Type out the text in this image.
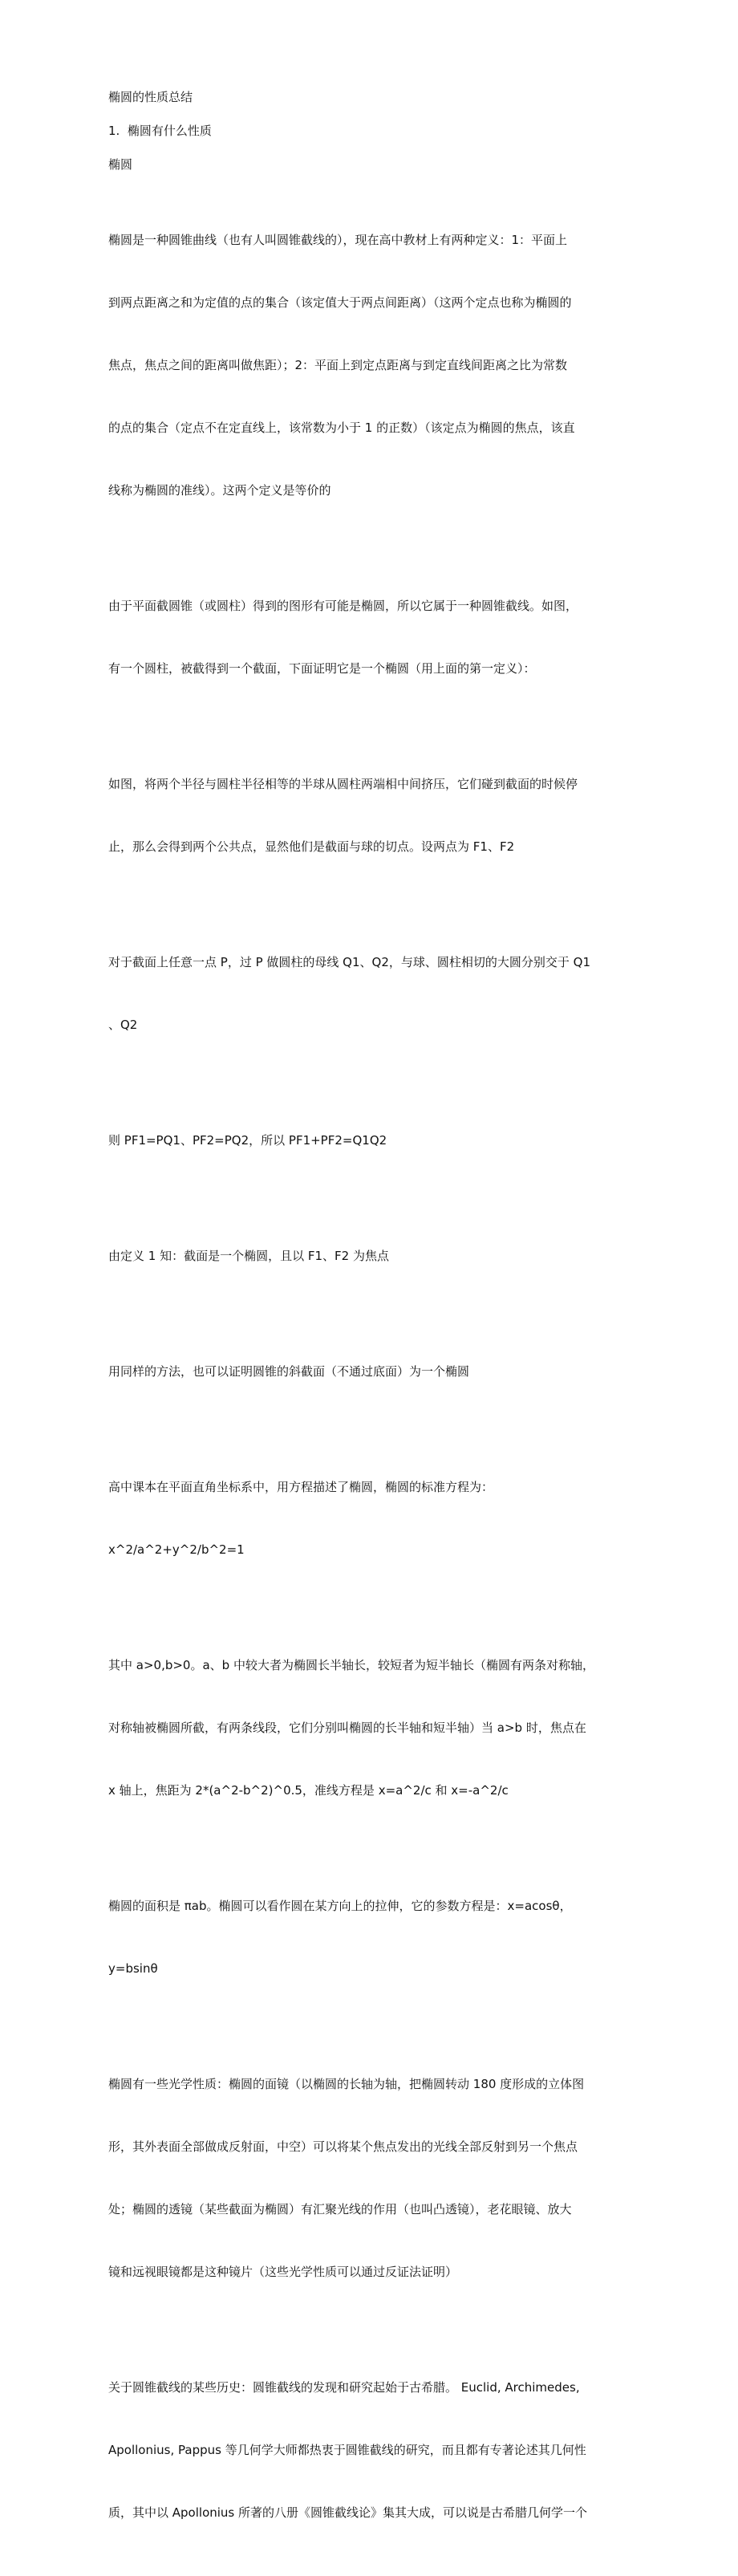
椭圆的性质总结

1.  椭圆有什么性质

椭圆

椭圆是一种圆锥曲线（也有人叫圆锥截线的），现在高中教材上有两种定义：1：平面上

到两点距离之和为定值的点的集合（该定值大于两点间距离）（这两个定点也称为椭圆的

焦点，焦点之间的距离叫做焦距）；2：平面上到定点距离与到定直线间距离之比为常数

的点的集合（定点不在定直线上，该常数为小于 1 的正数）（该定点为椭圆的焦点，该直

线称为椭圆的准线）。这两个定义是等价的

由于平面截圆锥（或圆柱）得到的图形有可能是椭圆，所以它属于一种圆锥截线。如图，

有一个圆柱，被截得到一个截面，下面证明它是一个椭圆（用上面的第一定义）：

如图，将两个半径与圆柱半径相等的半球从圆柱两端相中间挤压，它们碰到截面的时候停

止，那么会得到两个公共点，显然他们是截面与球的切点。设两点为 F1、F2

对于截面上任意一点 P，过 P 做圆柱的母线 Q1、Q2，与球、圆柱相切的大圆分别交于 Q1

、Q2

则 PF1=PQ1、PF2=PQ2，所以 PF1+PF2=Q1Q2

由定义 1 知：截面是一个椭圆，且以 F1、F2 为焦点

用同样的方法，也可以证明圆锥的斜截面（不通过底面）为一个椭圆

高中课本在平面直角坐标系中，用方程描述了椭圆，椭圆的标准方程为：

x^2/a^2+y^2/b^2=1

其中 a>0,b>0。a、b 中较大者为椭圆长半轴长，较短者为短半轴长（椭圆有两条对称轴，

对称轴被椭圆所截，有两条线段，它们分别叫椭圆的长半轴和短半轴）当 a>b 时，焦点在

x 轴上，焦距为 2*(a^2-b^2)^0.5，准线方程是 x=a^2/c 和 x=-a^2/c

椭圆的面积是 πab。椭圆可以看作圆在某方向上的拉伸，它的参数方程是：x=acosθ，

y=bsinθ

椭圆有一些光学性质：椭圆的面镜（以椭圆的长轴为轴，把椭圆转动 180 度形成的立体图

形，其外表面全部做成反射面，中空）可以将某个焦点发出的光线全部反射到另一个焦点

处；椭圆的透镜（某些截面为椭圆）有汇聚光线的作用（也叫凸透镜），老花眼镜、放大

镜和远视眼镜都是这种镜片（这些光学性质可以通过反证法证明）

关于圆锥截线的某些历史：圆锥截线的发现和研究起始于古希腊。 Euclid, Archimedes,

Apollonius, Pappus 等几何学大师都热衷于圆锥截线的研究，而且都有专著论述其几何性

质，其中以 Apollonius 所著的八册《圆锥截线论》集其大成，可以说是古希腊几何学一个
